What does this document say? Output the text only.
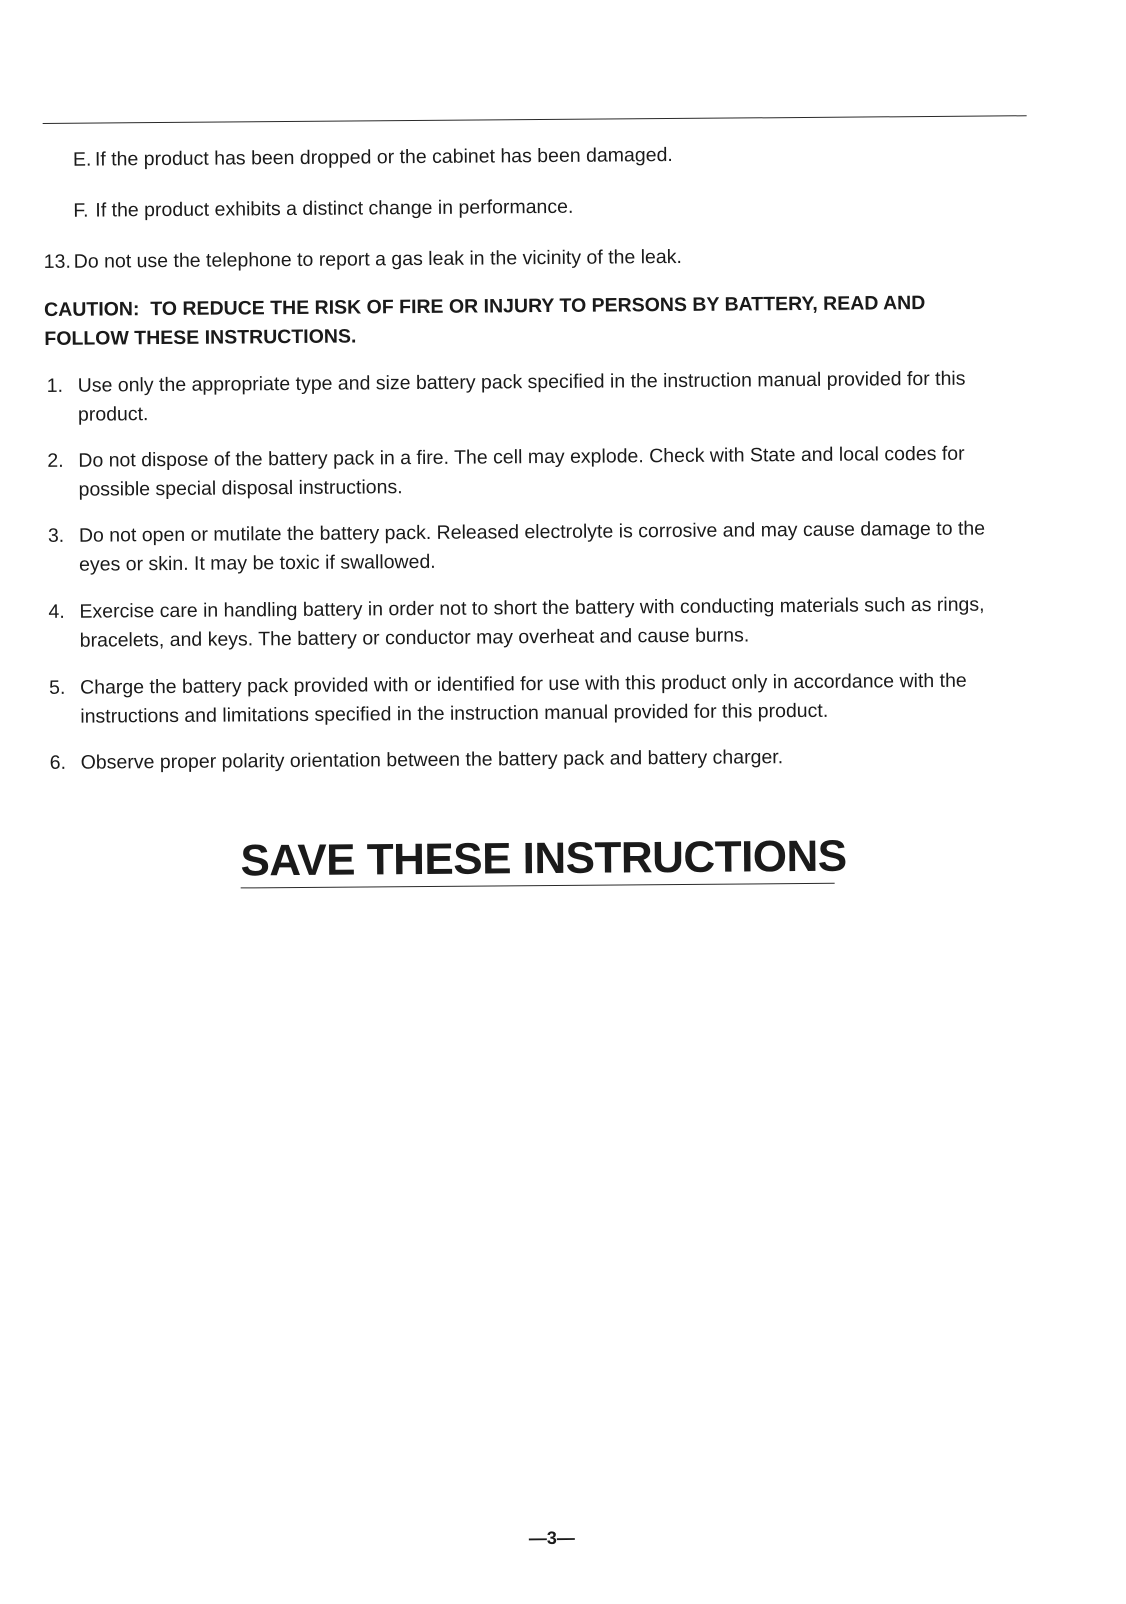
E. If the product has been dropped or the cabinet has been damaged.
F. If the product exhibits a distinct change in performance.
13. Do not use the telephone to report a gas leak in the vicinity of the leak.
CAUTION:  TO REDUCE THE RISK OF FIRE OR INJURY TO PERSONS BY BATTERY, READ AND
FOLLOW THESE INSTRUCTIONS.
1. Use only the appropriate type and size battery pack specified in the instruction manual provided for this product.
2. Do not dispose of the battery pack in a fire. The cell may explode. Check with State and local codes for possible special disposal instructions.
3. Do not open or mutilate the battery pack. Released electrolyte is corrosive and may cause damage to the eyes or skin. It may be toxic if swallowed.
4. Exercise care in handling battery in order not to short the battery with conducting materials such as rings, bracelets, and keys. The battery or conductor may overheat and cause burns.
5. Charge the battery pack provided with or identified for use with this product only in accordance with the instructions and limitations specified in the instruction manual provided for this product.
6. Observe proper polarity orientation between the battery pack and battery charger.
SAVE THESE INSTRUCTIONS
—3—
